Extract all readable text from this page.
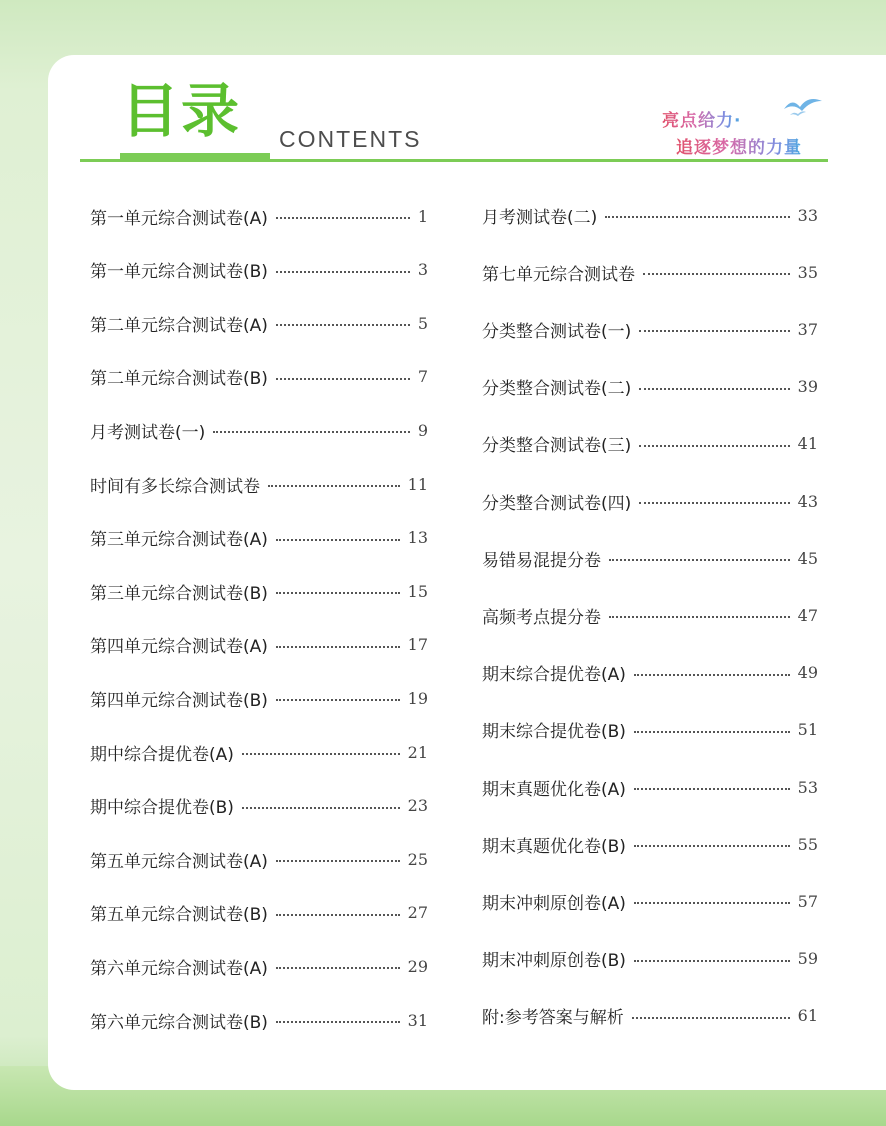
目录 CONTENTS
亮点给力·
追逐梦想的力量
第一单元综合测试卷(A)	1
第一单元综合测试卷(B)	3
第二单元综合测试卷(A)	5
第二单元综合测试卷(B)	7
月考测试卷(一)	9
时间有多长综合测试卷	11
第三单元综合测试卷(A)	13
第三单元综合测试卷(B)	15
第四单元综合测试卷(A)	17
第四单元综合测试卷(B)	19
期中综合提优卷(A)	21
期中综合提优卷(B)	23
第五单元综合测试卷(A)	25
第五单元综合测试卷(B)	27
第六单元综合测试卷(A)	29
第六单元综合测试卷(B)	31
月考测试卷(二)	33
第七单元综合测试卷	35
分类整合测试卷(一)	37
分类整合测试卷(二)	39
分类整合测试卷(三)	41
分类整合测试卷(四)	43
易错易混提分卷	45
高频考点提分卷	47
期末综合提优卷(A)	49
期末综合提优卷(B)	51
期末真题优化卷(A)	53
期末真题优化卷(B)	55
期末冲刺原创卷(A)	57
期末冲刺原创卷(B)	59
附:参考答案与解析	61
